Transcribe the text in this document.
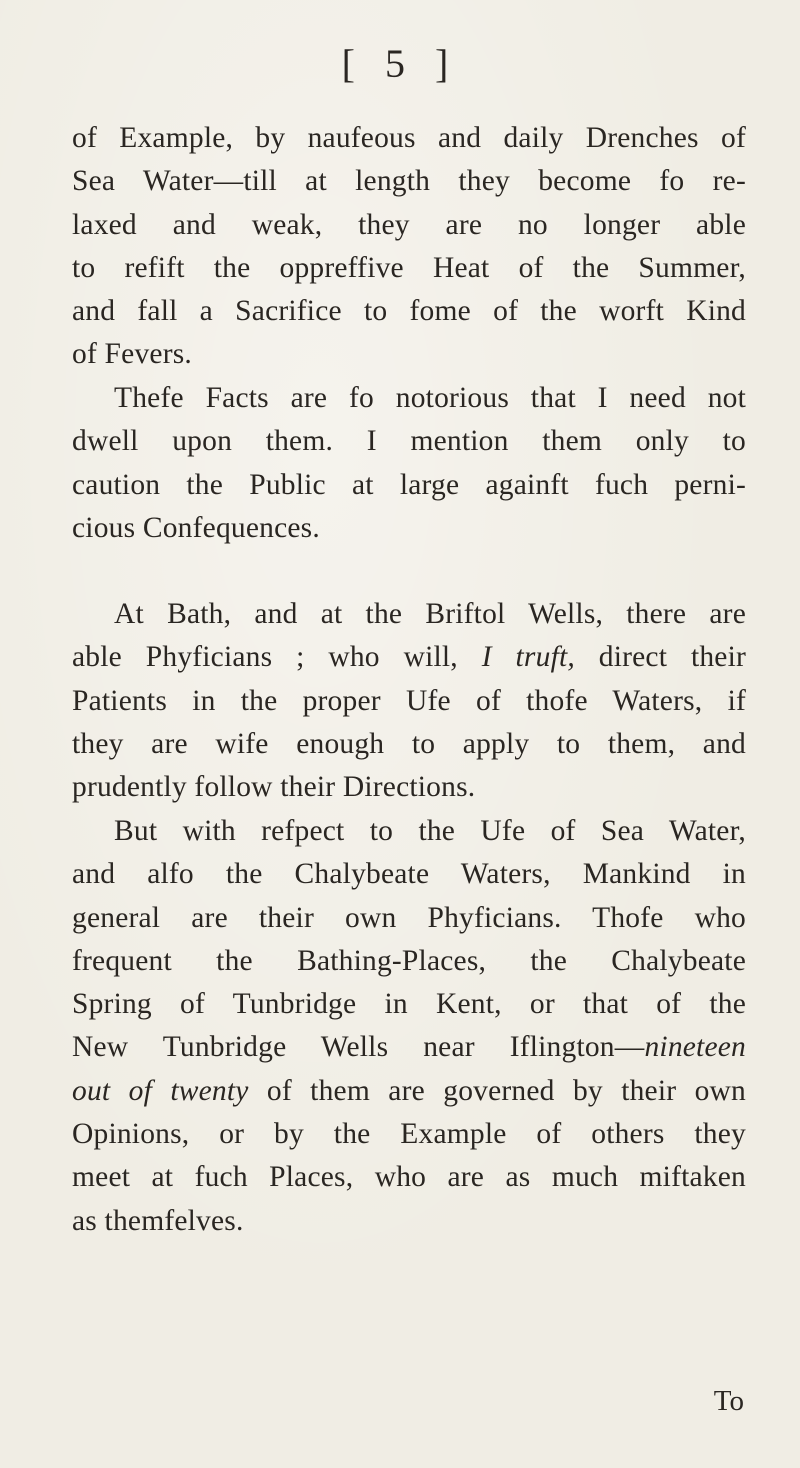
[ 5 ]
of Example, by naufeous and daily Drenches of
Sea Water—till at length they become fo re-
laxed and weak, they are no longer able
to refift the oppreffive Heat of the Summer,
and fall a Sacrifice to fome of the worft Kind
of Fevers.
Thefe Facts are fo notorious that I need not
dwell upon them. I mention them only to
caution the Public at large againft fuch perni-
cious Confequences.
At Bath, and at the Briftol Wells, there are
able Phyficians ; who will, I truft, direct their
Patients in the proper Ufe of thofe Waters, if
they are wife enough to apply to them, and
prudently follow their Directions.
But with refpect to the Ufe of Sea Water,
and alfo the Chalybeate Waters, Mankind in
general are their own Phyficians. Thofe who
frequent the Bathing-Places, the Chalybeate
Spring of Tunbridge in Kent, or that of the
New Tunbridge Wells near Iflington—nineteen
out of twenty of them are governed by their own
Opinions, or by the Example of others they
meet at fuch Places, who are as much miftaken
as themfelves.
To
